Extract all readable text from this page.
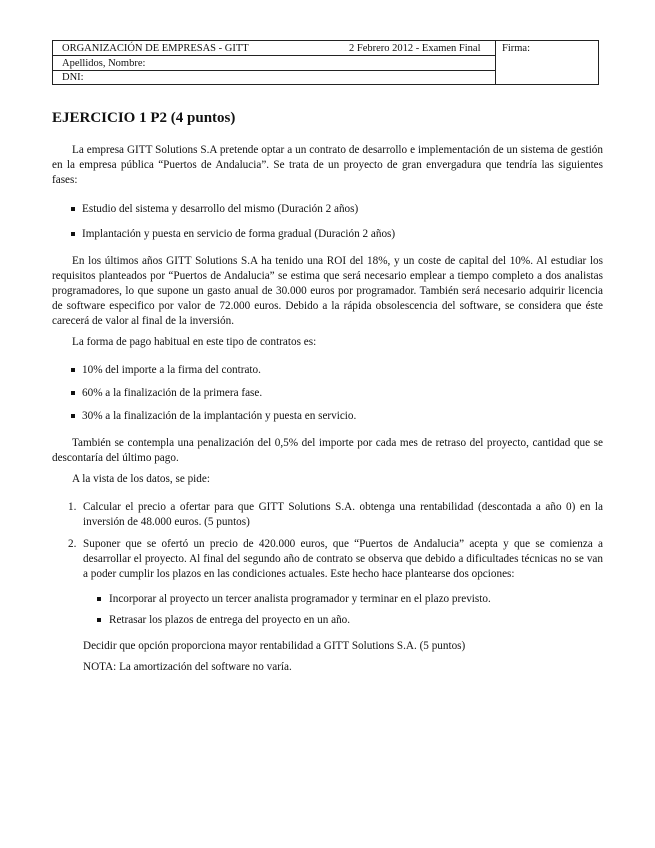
ORGANIZACIÓN DE EMPRESAS - GITT	2 Febrero 2012 - Examen Final Firma:
Apellidos, Nombre:
DNI:
EJERCICIO 1 P2 (4 puntos)

La empresa GITT Solutions S.A pretende optar a un contrato de desarrollo e implementación de un sistema de gestión en la empresa pública “Puertos de Andalucia”. Se trata de un proyecto de gran envergadura que tendría las siguientes fases:

Estudio del sistema y desarrollo del mismo (Duración 2 años)
Implantación y puesta en servicio de forma gradual (Duración 2 años)

En los últimos años GITT Solutions S.A ha tenido una ROI del 18%, y un coste de capital del 10%. Al estudiar los requisitos planteados por “Puertos de Andalucia” se estima que será necesario emplear a tiempo completo a dos analistas programadores, lo que supone un gasto anual de 30.000 euros por programador. También será necesario adquirir licencia de software especifico por valor de 72.000 euros. Debido a la rápida obsolescencia del software, se considera que éste carecerá de valor al final de la inversión.

La forma de pago habitual en este tipo de contratos es:

10% del importe a la firma del contrato.
60% a la finalización de la primera fase.
30% a la finalización de la implantación y puesta en servicio.

También se contempla una penalización del 0,5% del importe por cada mes de retraso del proyecto, cantidad que se descontaría del último pago.

A la vista de los datos, se pide:

1. Calcular el precio a ofertar para que GITT Solutions S.A. obtenga una rentabilidad (descontada a año 0) en la inversión de 48.000 euros. (5 puntos)
2. Suponer que se ofertó un precio de 420.000 euros, que “Puertos de Andalucia” acepta y que se comienza a desarrollar el proyecto. Al final del segundo año de contrato se observa que debido a dificultades técnicas no se van a poder cumplir los plazos en las condiciones actuales. Este hecho hace plantearse dos opciones:
Incorporar al proyecto un tercer analista programador y terminar en el plazo previsto.
Retrasar los plazos de entrega del proyecto en un año.
Decidir que opción proporciona mayor rentabilidad a GITT Solutions S.A. (5 puntos)
NOTA: La amortización del software no varía.
